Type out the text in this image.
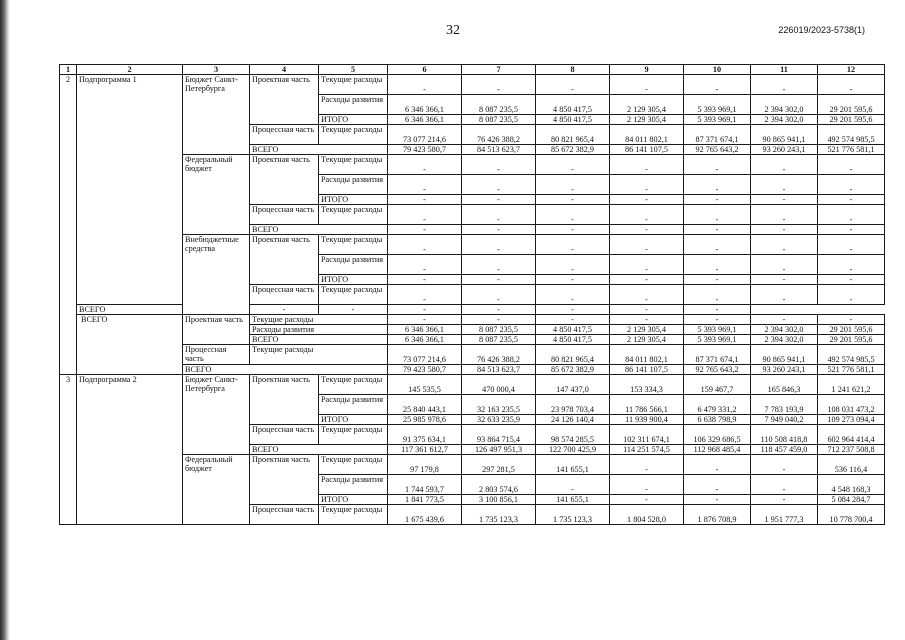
32	226019/2023-5738(1)
1	2	3	4	5	6	7	8	9	10	11	12
2	Подпрограмма 1	Бюджет Санкт-Петербурга	Проектная часть	Текущие расходы	-	-	-	-	-	-	-
				Расходы развития	6 346 366,1	8 087 235,5	4 850 417,5	2 129 305,4	5 393 969,1	2 394 302,0	29 201 595,6
				ИТОГО	6 346 366,1	8 087 235,5	4 850 417,5	2 129 305,4	5 393 969,1	2 394 302,0	29 201 595,6
			Процессная часть	Текущие расходы	73 077 214,6	76 426 388,2	80 821 965,4	84 011 802,1	87 371 674,1	90 865 941,1	492 574 985,5
			ВСЕГО		79 423 580,7	84 513 623,7	85 672 382,9	86 141 107,5	92 765 643,2	93 260 243,1	521 776 581,1
		Федеральный бюджет	Проектная часть	Текущие расходы	-	-	-	-	-	-	-
				Расходы развития	-	-	-	-	-	-	-
				ИТОГО	-	-	-	-	-	-	-
			Процессная часть	Текущие расходы	-	-	-	-	-	-	-
			ВСЕГО		-	-	-	-	-	-	-
		Внебюджетные средства	Проектная часть	Текущие расходы	-	-	-	-	-	-	-
				Расходы развития	-	-	-	-	-	-	-
				ИТОГО	-	-	-	-	-	-	-
			Процессная часть	Текущие расходы	-	-	-	-	-	-	-
	ВСЕГО		-	-	-	-	-	-	-		
	ВСЕГО	Проектная часть	Текущие расходы		-	-	-	-	-	-	-
			Расходы развития		6 346 366,1	8 087 235,5	4 850 417,5	2 129 305,4	5 393 969,1	2 394 302,0	29 201 595,6
			ВСЕГО		6 346 366,1	8 087 235,5	4 850 417,5	2 129 305,4	5 393 969,1	2 394 302,0	29 201 595,6
		Процессная часть	Текущие расходы		73 077 214,6	76 426 388,2	80 821 965,4	84 011 802,1	87 371 674,1	90 865 941,1	492 574 985,5
		ВСЕГО			79 423 580,7	84 513 623,7	85 672 382,9	86 141 107,5	92 765 643,2	93 260 243,1	521 776 581,1
3	Подпрограмма 2	Бюджет Санкт-Петербурга	Проектная часть	Текущие расходы	145 535,5	470 000,4	147 437,0	153 334,3	159 467,7	165 846,3	1 241 621,2
				Расходы развития	25 840 443,1	32 163 235,5	23 978 703,4	11 786 566,1	6 479 331,2	7 783 193,9	108 031 473,2
				ИТОГО	25 985 978,6	32 633 235,9	24 126 140,4	11 939 900,4	6 638 798,9	7 949 040,2	109 273 094,4
			Процессная часть	Текущие расходы	91 375 634,1	93 864 715,4	98 574 285,5	102 311 674,1	106 329 686,5	110 508 418,8	602 964 414,4
			ВСЕГО		117 361 612,7	126 497 951,3	122 700 425,9	114 251 574,5	112 968 485,4	118 457 459,0	712 237 508,8
		Федеральный бюджет	Проектная часть	Текущие расходы	97 179,8	297 281,5	141 655,1	-	-	-	536 116,4
				Расходы развития	1 744 593,7	2 803 574,6	-	-	-	-	4 548 168,3
				ИТОГО	1 841 773,5	3 100 856,1	141 655,1	-	-	-	5 084 284,7
			Процессная часть	Текущие расходы	1 675 439,6	1 735 123,3	1 735 123,3	1 804 528,0	1 876 708,9	1 951 777,3	10 778 700,4
